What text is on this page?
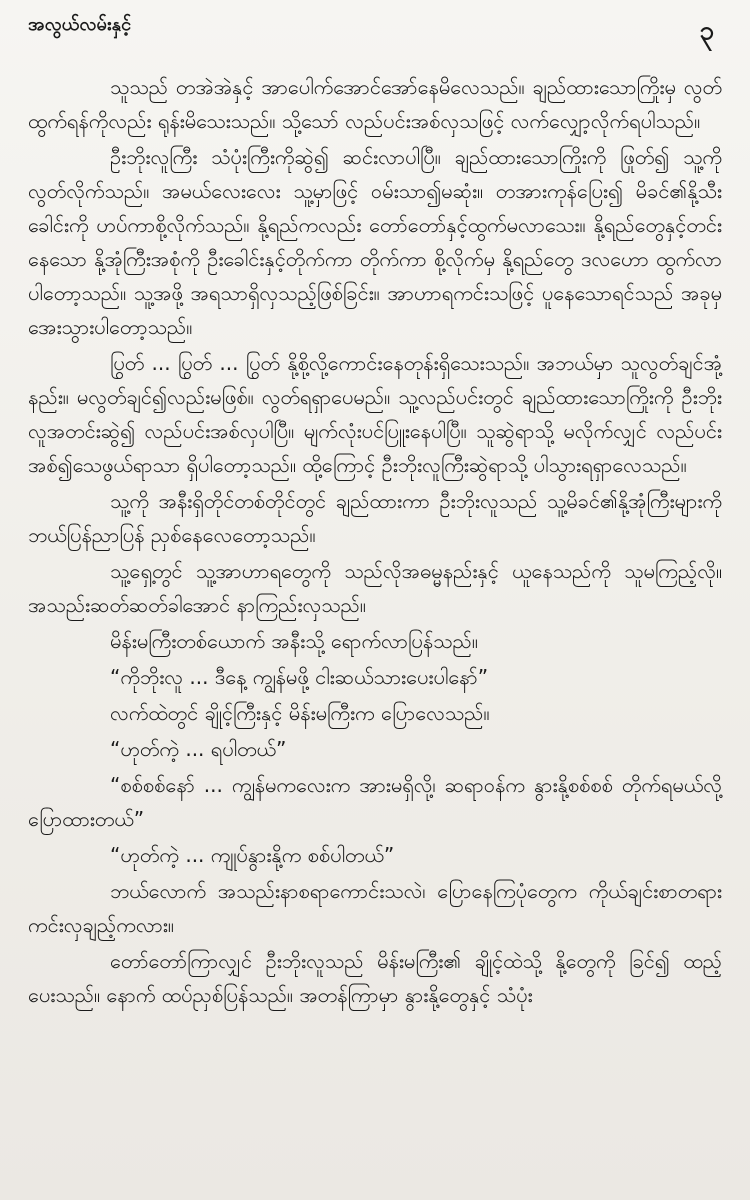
အလွယ်လမ်းနှင့်	၃

သူသည် တအဲအဲနှင့် အာပေါက်အောင်အော်နေမိလေသည်။ ချည်ထားသောကြိုးမှ လွတ်ထွက်ရန်ကိုလည်း ရုန်းမိသေးသည်။ သို့သော် လည်ပင်းအစ်လှသဖြင့် လက်လျှော့လိုက်ရပါသည်။

ဦးဘိုးလူကြီး သံပုံးကြီးကိုဆွဲ၍ ဆင်းလာပါပြီ။ ချည်ထားသောကြိုးကို ဖြုတ်၍ သူ့ကိုလွတ်လိုက်သည်။ အမယ်လေးလေး သူ့မှာဖြင့် ဝမ်းသာ၍မဆုံး။ တအားကုန်ပြေး၍ မိခင်၏နို့သီးခေါင်းကို ဟပ်ကာစို့လိုက်သည်။ နို့ရည်ကလည်း တော်တော်နှင့်ထွက်မလာသေး။ နို့ရည်တွေနှင့်တင်းနေသော နို့အုံကြီးအစုံကို ဦးခေါင်းနှင့်တိုက်ကာ တိုက်ကာ စို့လိုက်မှ နို့ရည်တွေ ဒလဟော ထွက်လာပါတော့သည်။ သူ့အဖို့ အရသာရှိလှသည့်ဖြစ်ခြင်း။ အာဟာရကင်းသဖြင့် ပူနေသောရင်သည် အခုမှအေးသွားပါတော့သည်။

ပြွတ် ... ပြွတ် ... ပြွတ် နို့စို့လို့ကောင်းနေတုန်းရှိသေးသည်။ အဘယ်မှာ သူလွတ်ချင်အုံ့နည်း။ မလွတ်ချင်၍လည်းမဖြစ်။ လွတ်ရရှာပေမည်။ သူ့လည်ပင်းတွင် ချည်ထားသောကြိုးကို ဦးဘိုးလူအတင်းဆွဲ၍ လည်ပင်းအစ်လှပါပြီ။ မျက်လုံးပင်ပြူးနေပါပြီ။ သူဆွဲရာသို့ မလိုက်လျှင် လည်ပင်းအစ်၍သေဖွယ်ရာသာ ရှိပါတော့သည်။ ထို့ကြောင့် ဦးဘိုးလူကြီးဆွဲရာသို့ ပါသွားရရှာလေသည်။

သူ့ကို အနီးရှိတိုင်တစ်တိုင်တွင် ချည်ထားကာ ဦးဘိုးလူသည် သူ့မိခင်၏နို့အုံကြီးများကို ဘယ်ပြန်ညာပြန် ညှစ်နေလေတော့သည်။

သူ့ရှေ့တွင် သူ့အာဟာရတွေကို သည်လိုအဓမ္မနည်းနှင့် ယူနေသည်ကို သူမကြည့်လို။ အသည်းဆတ်ဆတ်ခါအောင် နာကြည်းလှသည်။

မိန်းမကြီးတစ်ယောက် အနီးသို့ ရောက်လာပြန်သည်။

“ကိုဘိုးလူ ... ဒီနေ့ ကျွန်မဖို့ ငါးဆယ်သားပေးပါနော်”

လက်ထဲတွင် ချိုင့်ကြီးနှင့် မိန်းမကြီးက ပြောလေသည်။

“ဟုတ်ကဲ့ ... ရပါတယ်”

“စစ်စစ်နော် ... ကျွန်မကလေးက အားမရှိလို့၊ ဆရာဝန်က နွားနို့စစ်စစ် တိုက်ရမယ်လို့ပြောထားတယ်”

“ဟုတ်ကဲ့ ... ကျုပ်နွားနို့က စစ်ပါတယ်”

ဘယ်လောက် အသည်းနာစရာကောင်းသလဲ၊ ပြောနေကြပုံတွေက ကိုယ်ချင်းစာတရား ကင်းလှချည့်ကလား။

တော်တော်ကြာလျှင် ဦးဘိုးလူသည် မိန်းမကြီး၏ ချိုင့်ထဲသို့ နို့တွေကို ခြင်၍ ထည့်ပေးသည်။ နောက် ထပ်ညှစ်ပြန်သည်။ အတန်ကြာမှာ နွားနို့တွေနှင့် သံပုံး
